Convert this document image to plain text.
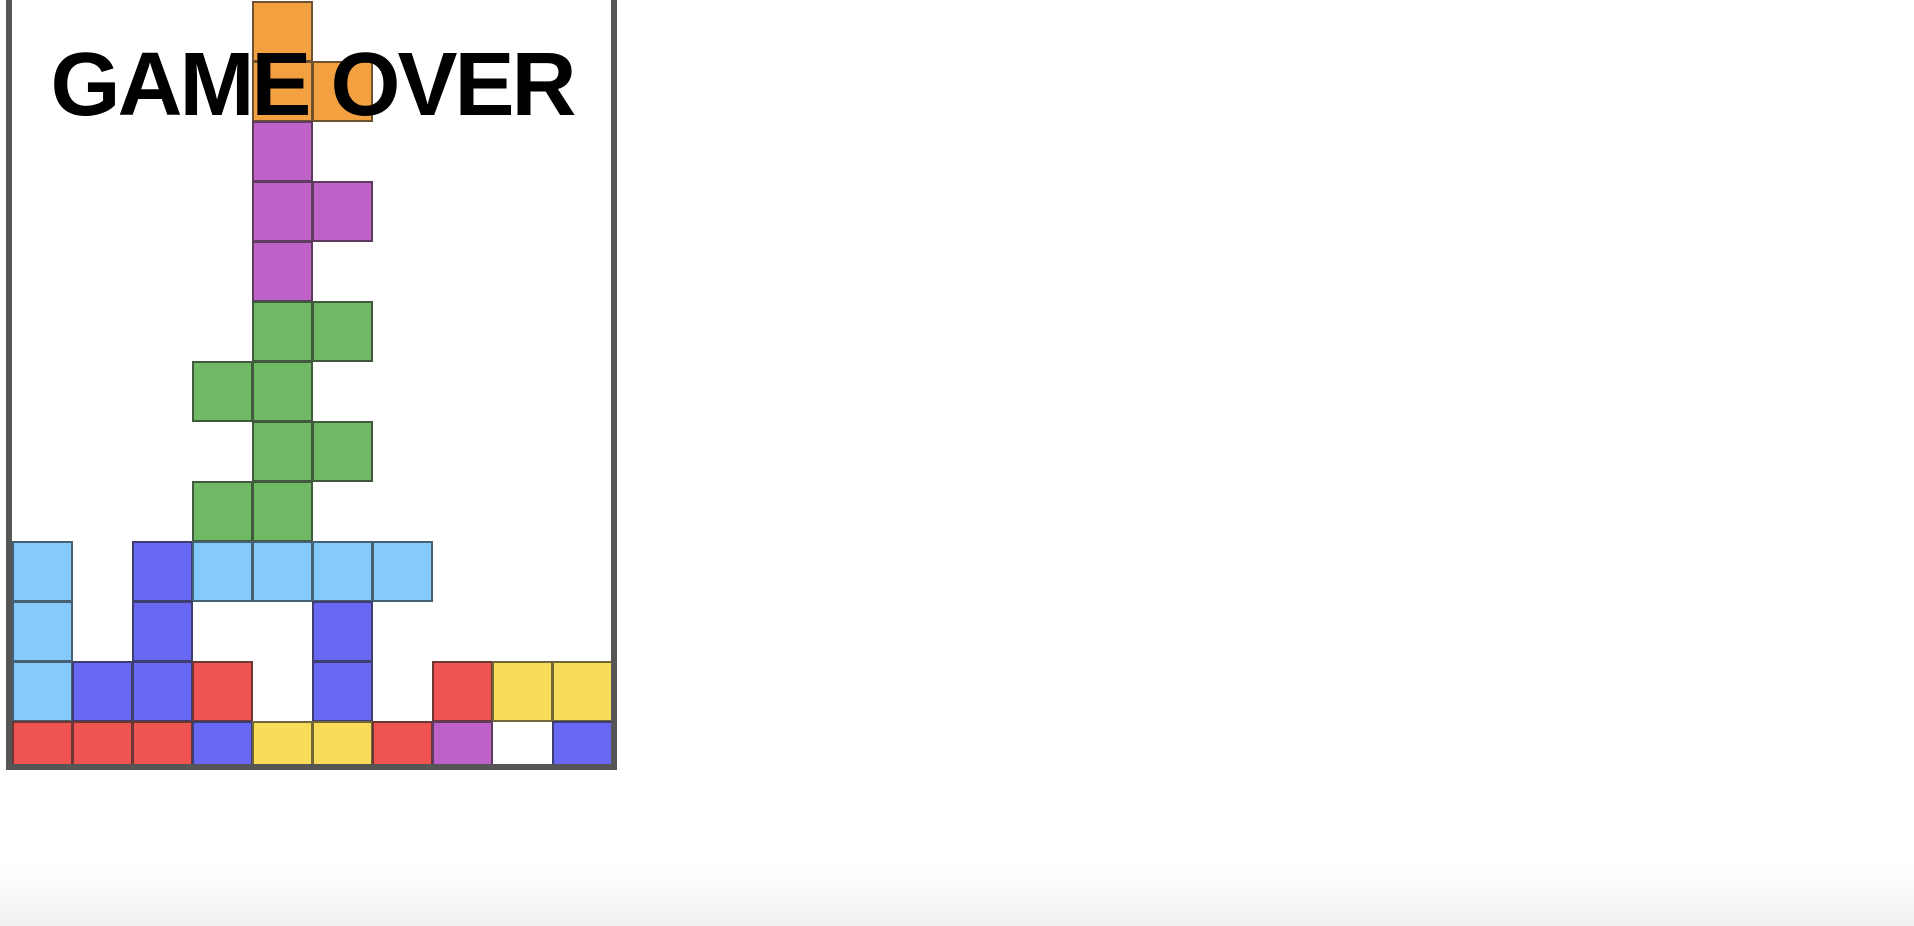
GAME OVER
